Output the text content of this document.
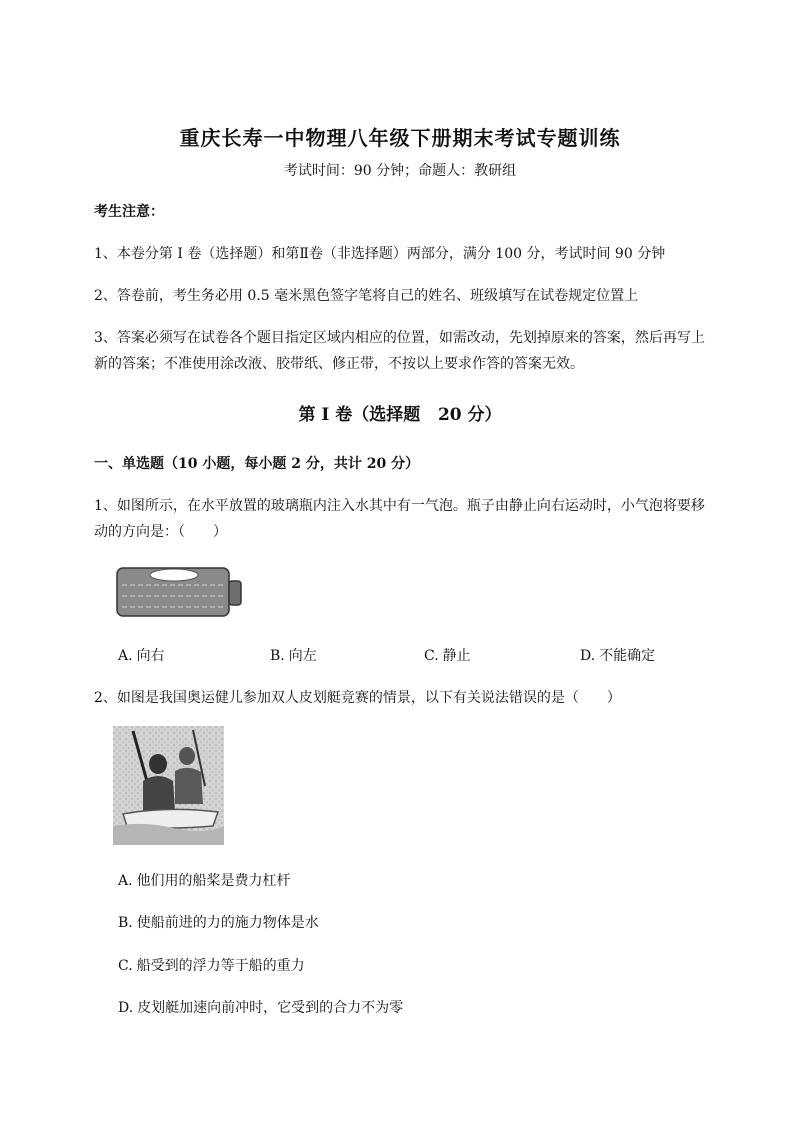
重庆长寿一中物理八年级下册期末考试专题训练
考试时间：90 分钟；命题人：教研组
考生注意：
1、本卷分第 I 卷（选择题）和第Ⅱ卷（非选择题）两部分，满分 100 分，考试时间 90 分钟
2、答卷前，考生务必用 0.5 毫米黑色签字笔将自己的姓名、班级填写在试卷规定位置上
3、答案必须写在试卷各个题目指定区域内相应的位置，如需改动，先划掉原来的答案，然后再写上新的答案；不准使用涂改液、胶带纸、修正带，不按以上要求作答的答案无效。
第 I 卷（选择题   20 分）
一、单选题（10 小题，每小题 2 分，共计 20 分）
1、如图所示，在水平放置的玻璃瓶内注入水其中有一气泡。瓶子由静止向右运动时，小气泡将要移动的方向是：（　　）
A. 向右	B. 向左	C. 静止	D. 不能确定
2、如图是我国奥运健儿参加双人皮划艇竞赛的情景，以下有关说法错误的是（　　）
A. 他们用的船桨是费力杠杆
B. 使船前进的力的施力物体是水
C. 船受到的浮力等于船的重力
D. 皮划艇加速向前冲时，它受到的合力不为零
